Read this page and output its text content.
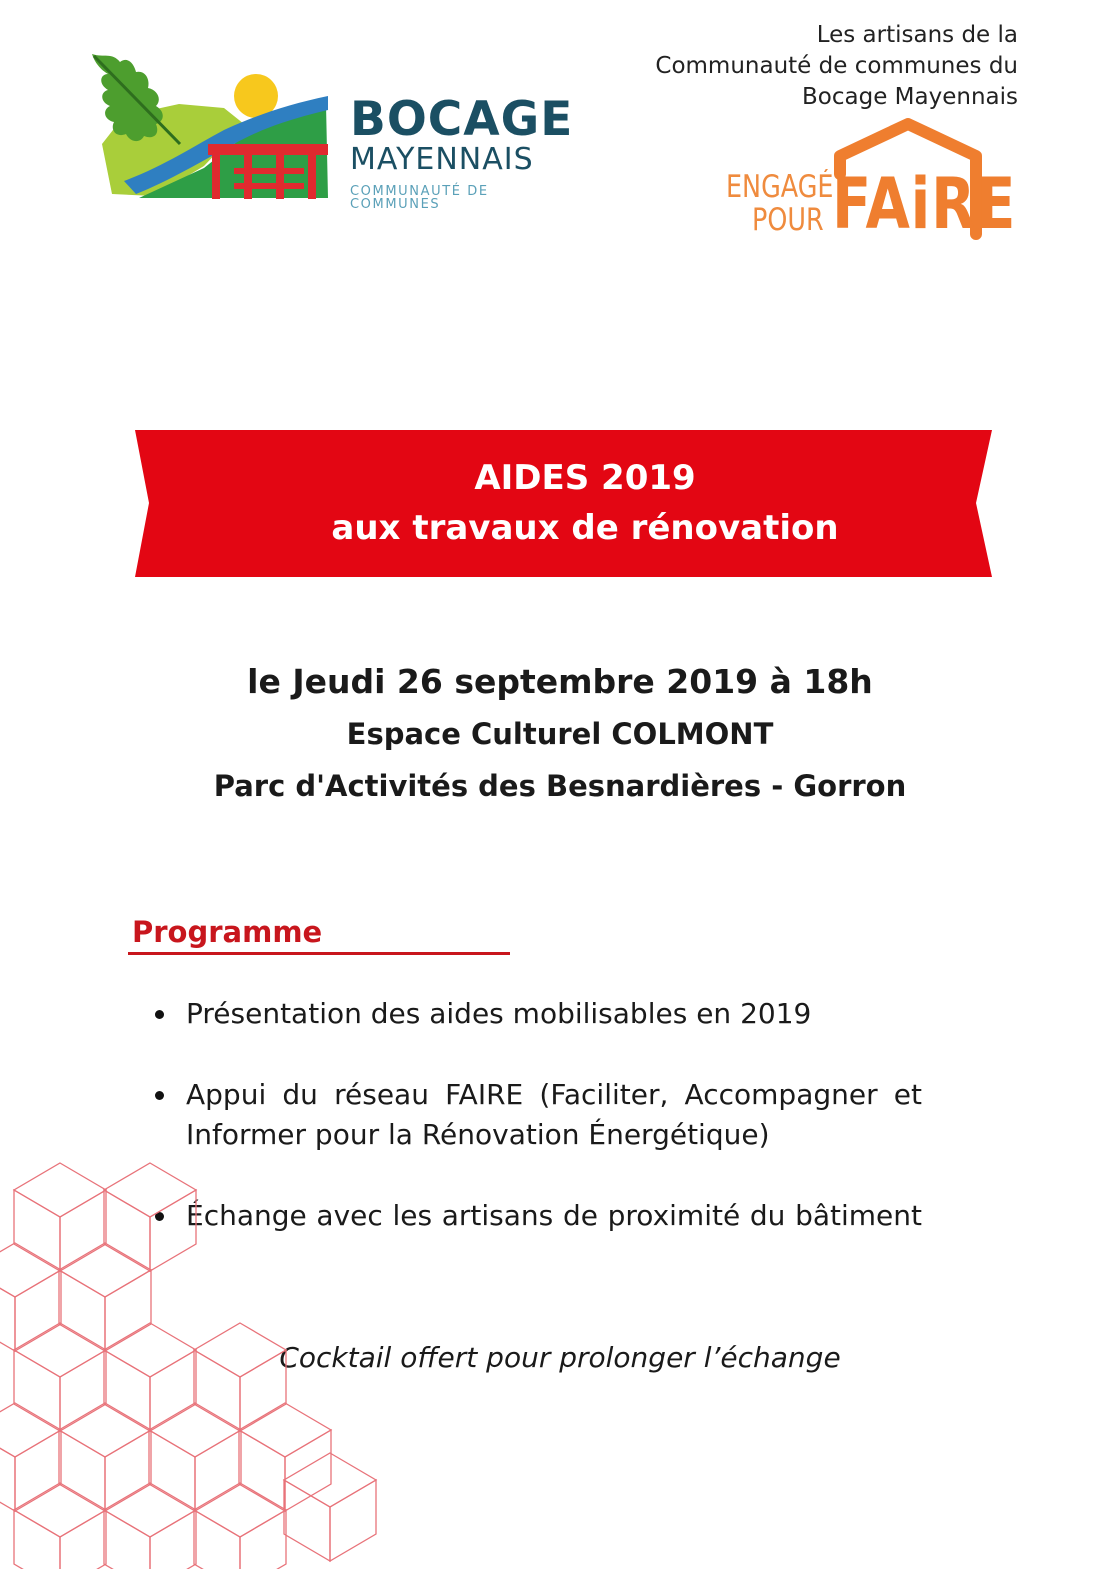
BOCAGE
MAYENNAIS
COMMUNAUTÉ DE COMMUNES
Les artisans de la
Communauté de communes du
Bocage Mayennais
ENGAGÉ
POUR FAiRE
AIDES 2019
aux travaux de rénovation
le Jeudi 26 septembre 2019 à 18h
Espace Culturel COLMONT
Parc d'Activités des Besnardières - Gorron
Programme
Présentation des aides mobilisables en 2019
Appui du réseau FAIRE (Faciliter, Accompagner et Informer pour la Rénovation Énergétique)
Échange avec les artisans de proximité du bâtiment
Cocktail offert pour prolonger l’échange
